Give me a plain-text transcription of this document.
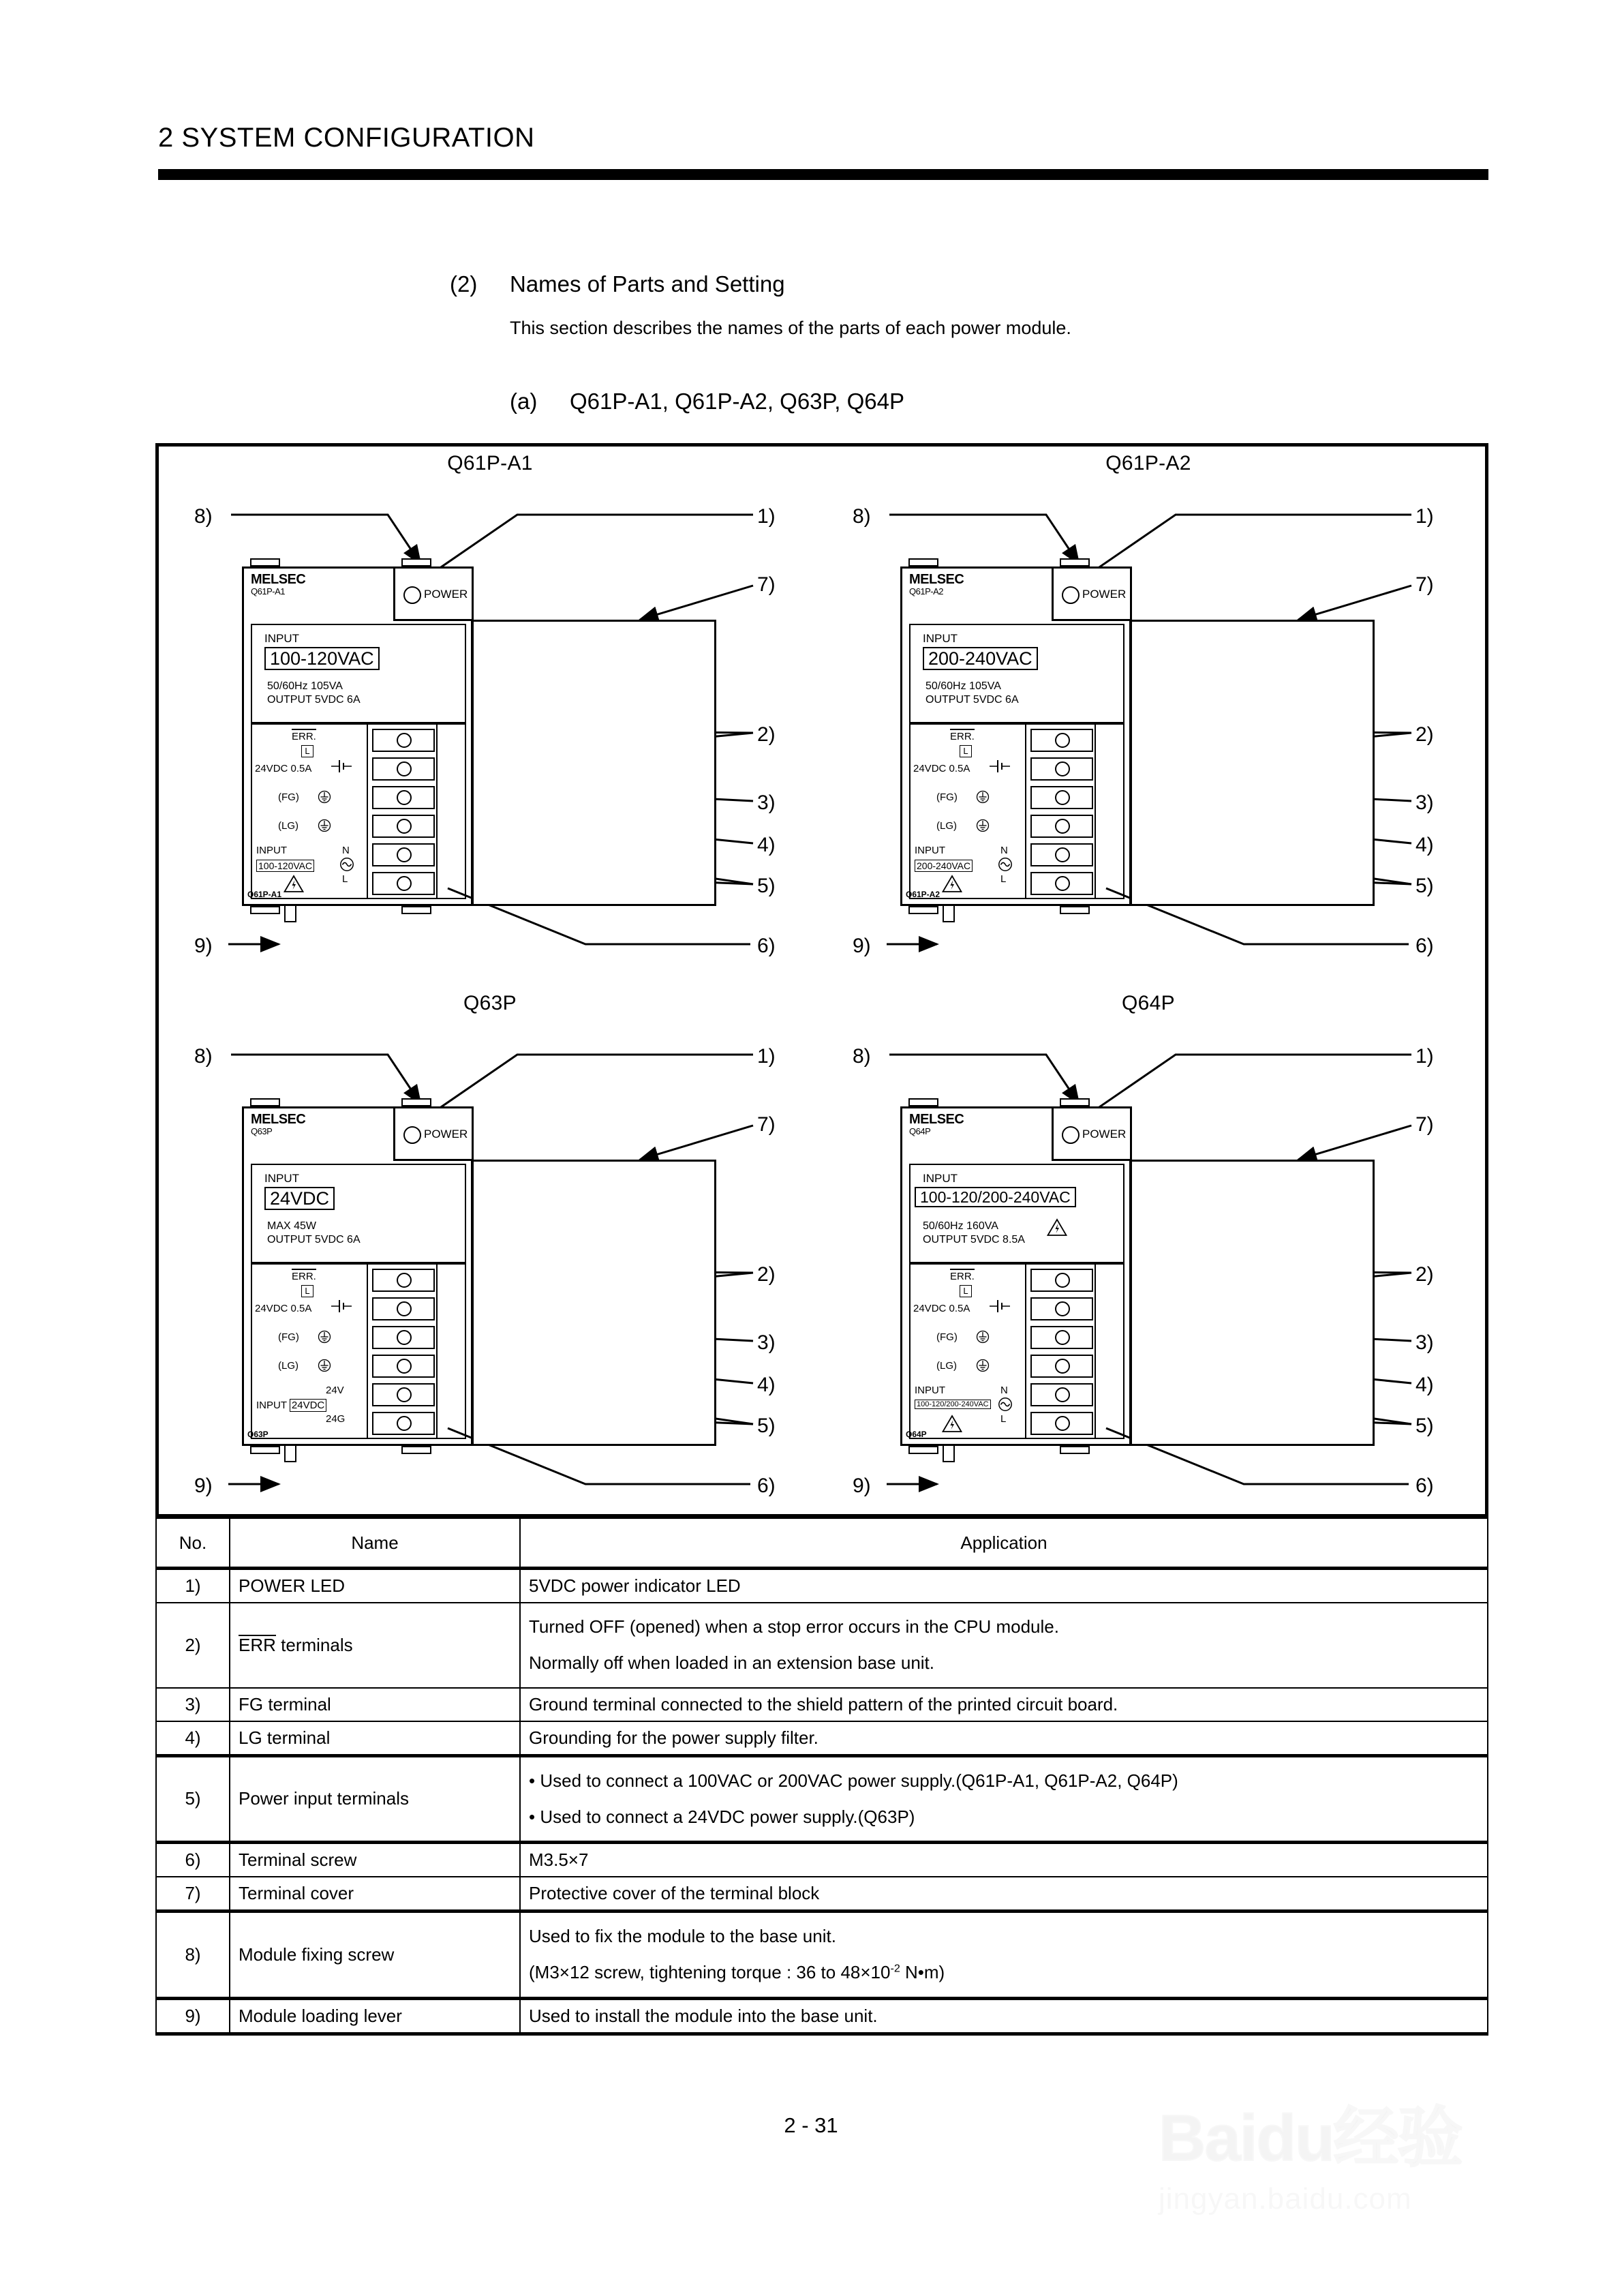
2 SYSTEM CONFIGURATION
(2) Names of Parts and Setting
This section describes the names of the parts of each power module.
(a) Q61P-A1, Q61P-A2, Q63P, Q64P
Q61P-A1
1)
2)
3)
4)
5)
6)
7)
8)
9)
MELSEC
Q61P-A1	POWER
INPUT
100-120VAC
50/60Hz 105VA
OUTPUT 5VDC 6A
ERR.
L
24VDC 0.5A
(FG)
(LG)
INPUT
100-120VAC
N
L
Q61P-A1
Q61P-A2
1)
2)
3)
4)
5)
6)
7)
8)
9)
MELSEC
Q61P-A2	POWER
INPUT
200-240VAC
50/60Hz 105VA
OUTPUT 5VDC 6A
ERR.
L
24VDC 0.5A
(FG)
(LG)
INPUT
200-240VAC
N
L
Q61P-A2
Q63P
1)
2)
3)
4)
5)
6)
7)
8)
9)
MELSEC
Q63P	POWER
INPUT
24VDC
MAX 45W
OUTPUT 5VDC 6A
ERR.
L
24VDC 0.5A
(FG)
(LG)
24V
24G
INPUT 24VDC
Q63P
Q64P
1)
2)
3)
4)
5)
6)
7)
8)
9)
MELSEC
Q64P	POWER
INPUT
100-120/200-240VAC
50/60Hz 160VA
OUTPUT 5VDC 8.5A
ERR.
L
24VDC 0.5A
(FG)
(LG)
INPUT
100-120/200-240VAC
N
L
Q64P
No.	Name	Application
1)	POWER LED	5VDC power indicator LED

2)	ERR terminals	Turned OFF (opened) when a stop error occurs in the CPU module.
Normally off when loaded in an extension base unit.

3)	FG terminal	Ground terminal connected to the shield pattern of the printed circuit board.

4)	LG terminal	Grounding for the power supply filter.

5)	Power input terminals	• Used to connect a 100VAC or 200VAC power supply.(Q61P-A1, Q61P-A2, Q64P)
• Used to connect a 24VDC power supply.(Q63P)

6)	Terminal screw	M3.5×7

7)	Terminal cover	Protective cover of the terminal block

8)	Module fixing screw	Used to fix the module to the base unit.
(M3×12 screw, tightening torque : 36 to $48\times 10^{-2}$ N•m)

9)	Module loading lever	Used to install the module into the base unit.
2 - 31	Baidu经验
jingyan.baidu.com
